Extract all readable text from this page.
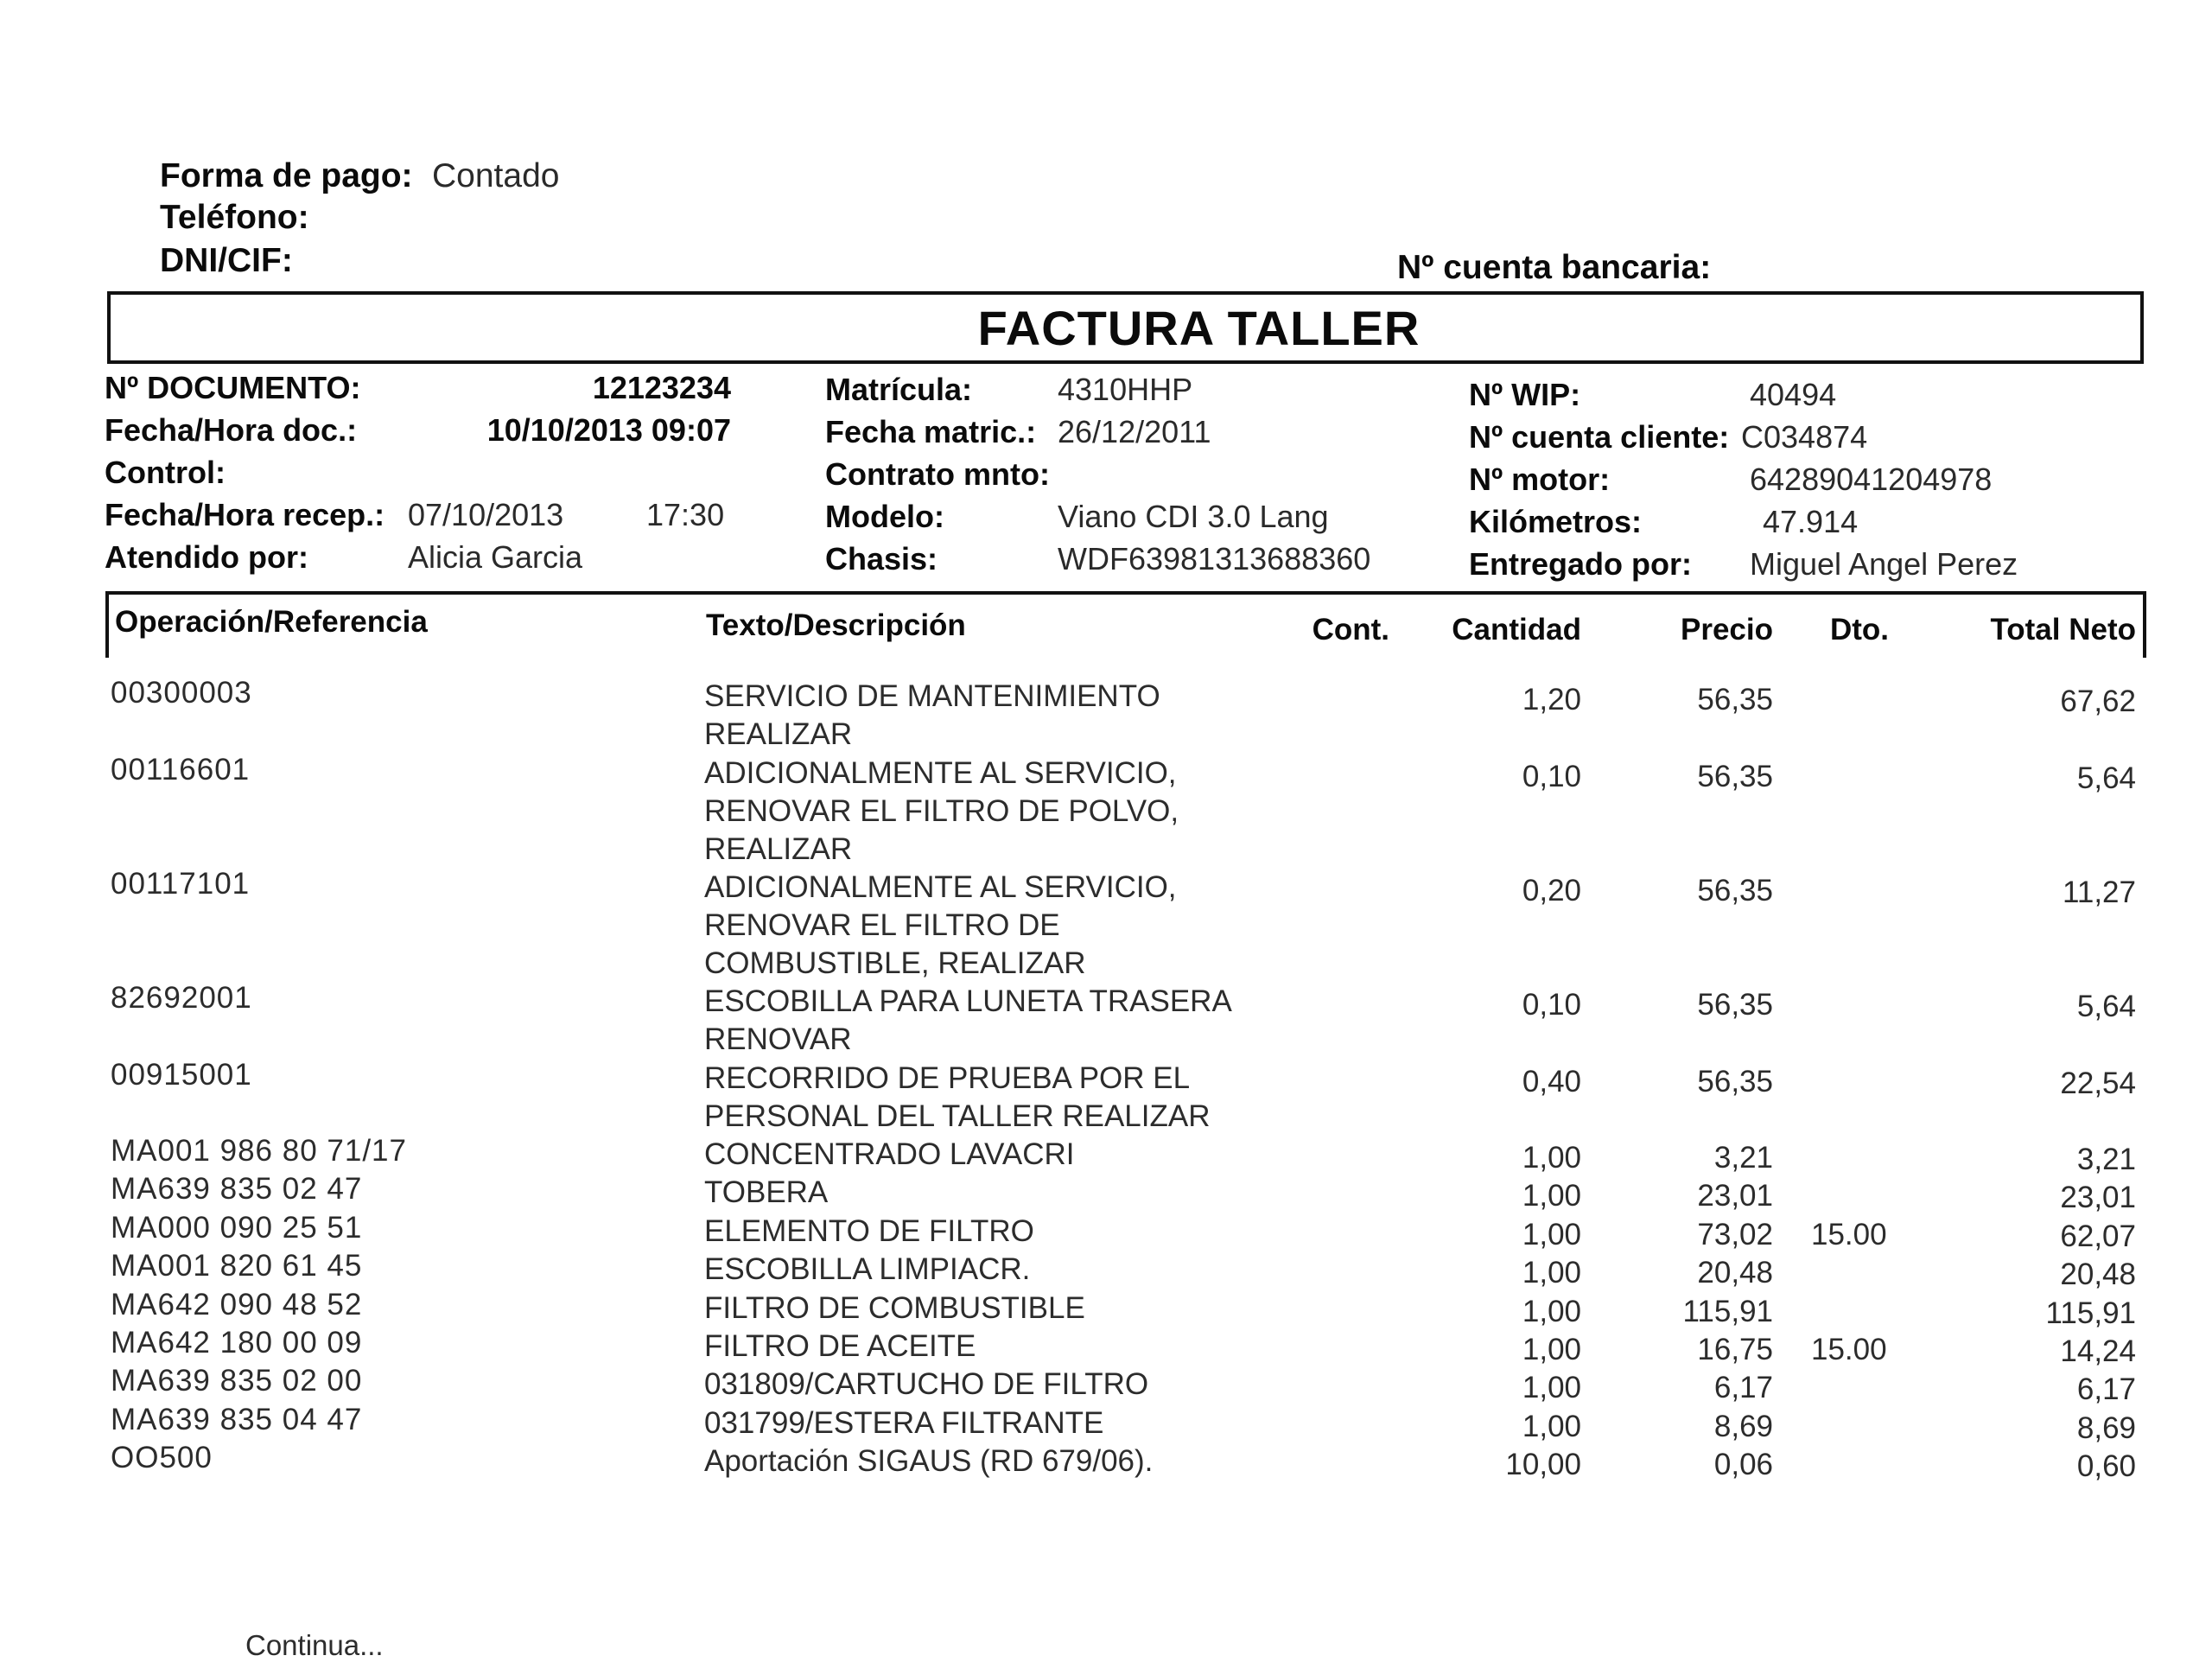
Forma de pago: Contado
Teléfono:
DNI/CIF:	Nº cuenta bancaria:
FACTURA TALLER
Nº DOCUMENTO:	12123234
Fecha/Hora doc.:	10/10/2013 09:07
Control:
Fecha/Hora recep.: 07/10/2013	17:30
Atendido por:	Alicia Garcia
Matrícula:	4310HHP
Fecha matric.: 26/12/2011
Contrato mnto:
Modelo:	Viano CDI 3.0 Lang
Chasis:	WDF63981313688360
Nº WIP:	40494
Nº cuenta cliente: C034874
Nº motor:	64289041204978
Kilómetros:	47.914
Entregado por: Miguel Angel Perez
Operación/Referencia	Texto/Descripción	Cont.	Cantidad	Precio Dto.	Total Neto
00300003	SERVICIO DE MANTENIMIENTO
REALIZAR
1,20	56,35	67,62
00116601	ADICIONALMENTE AL SERVICIO,
RENOVAR EL FILTRO DE POLVO,
REALIZAR
0,10	56,35	5,64
00117101	ADICIONALMENTE AL SERVICIO,
RENOVAR EL FILTRO DE
COMBUSTIBLE, REALIZAR
0,20	56,35	11,27
82692001	ESCOBILLA PARA LUNETA TRASERA
RENOVAR
0,10	56,35	5,64
00915001	RECORRIDO DE PRUEBA POR EL
PERSONAL DEL TALLER REALIZAR
0,40	56,35	22,54
MA001 986 80 71/17	CONCENTRADO LAVACRI	1,00	3,21	3,21
MA639 835 02 47	TOBERA	1,00	23,01	23,01
MA000 090 25 51	ELEMENTO DE FILTRO	1,00	73,02 15.00	62,07
MA001 820 61 45	ESCOBILLA LIMPIACR.	1,00	20,48	20,48
MA642 090 48 52	FILTRO DE COMBUSTIBLE	1,00	115,91	115,91
MA642 180 00 09	FILTRO DE ACEITE	1,00	16,75 15.00	14,24
MA639 835 02 00	031809/CARTUCHO DE FILTRO	1,00	6,17	6,17
MA639 835 04 47	031799/ESTERA FILTRANTE	1,00	8,69	8,69
OO500	Aportación SIGAUS (RD 679/06).	10,00	0,06	0,60
Continua...
